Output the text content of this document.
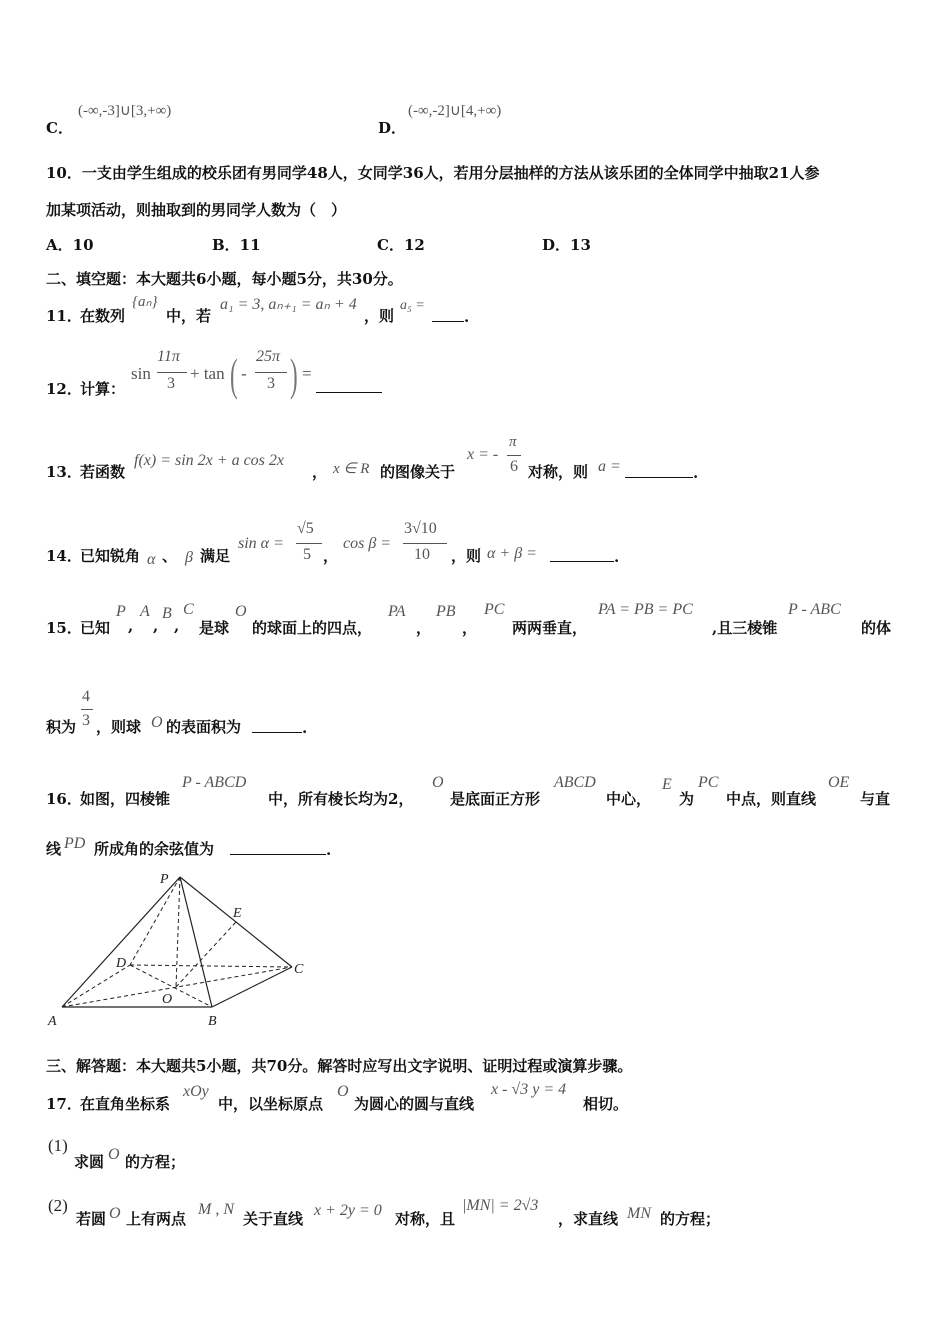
C．
(-∞,-3]∪[3,+∞)
D．
(-∞,-2]∪[4,+∞)
10．一支由学生组成的校乐团有男同学48人，女同学36人，若用分层抽样的方法从该乐团的全体同学中抽取21人参
加某项活动，则抽取到的男同学人数为（　）
A．10	B．11	C．12	D．13
二、填空题：本大题共6小题，每小题5分，共30分。
11．
在数列
{aₙ}
中，若
a₁ = 3, aₙ₊₁ = aₙ + 4
，则
a₅ =
.
12．
计算：
sin
11π
3
+ tan ( -
25π
3 ) =
13．
若函数
f(x) = sin 2x + a cos 2x
， x ∈ R 的图像关于
x = -
π
6 对称，则 a =	.
14．
已知锐角 α 、 β 满足
sin α =
√5
5 ，
cos β =
3√10
10 ，则 α + β =	.
15．
已知
P
,
A
,
B
,
C
是球
O
的球面上的四点，
PA
，
PB
，
PC
两两垂直，
PA = PB = PC
,且三棱锥
P - ABC
的体
4
3
积为 ，则球 O 的表面积为	.
16．
如图，四棱锥
P - ABCD
中，所有棱长均为2，
O
是底面正方形
ABCD
中心，
E
为
PC
中点，则直线
OE
与直
线 PD 所成角的余弦值为	.
P
E
D	C
O
A	B
三、解答题：本大题共5小题，共70分。解答时应写出文字说明、证明过程或演算步骤。
17．
在直角坐标系
xOy
中，以坐标原点
O
为圆心的圆与直线
x - √3 y = 4
相切。
(1)
求圆 O 的方程；
(2)
若圆 O 上有两点
M , N
关于直线 x + 2y = 0 对称，且
|MN| = 2√3
，求直线 MN 的方程；
